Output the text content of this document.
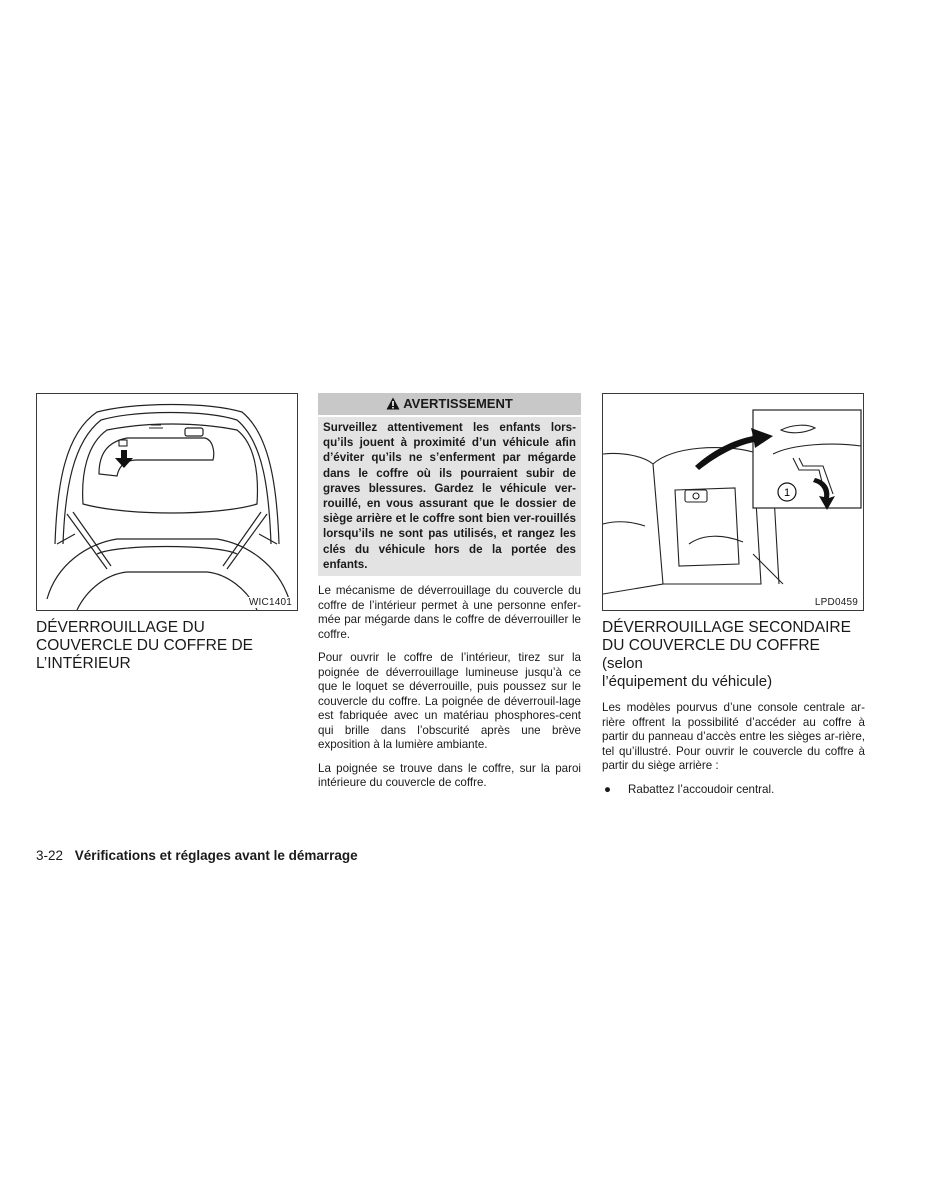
WIC1401
DÉVERROUILLAGE DU
COUVERCLE DU COFFRE DE
L’INTÉRIEUR
AVERTISSEMENT
Surveillez attentivement les enfants lors-qu’ils jouent à proximité d’un véhicule afin d’éviter qu’ils ne s’enferment par mégarde dans le coffre où ils pourraient subir de graves blessures. Gardez le véhicule ver-rouillé, en vous assurant que le dossier de siège arrière et le coffre sont bien ver-rouillés lorsqu’ils ne sont pas utilisés, et rangez les clés du véhicule hors de la portée des enfants.

Le mécanisme de déverrouillage du couvercle du coffre de l’intérieur permet à une personne enfer-mée par mégarde dans le coffre de déverrouiller le coffre.

Pour ouvrir le coffre de l’intérieur, tirez sur la poignée de déverrouillage lumineuse jusqu’à ce que le loquet se déverrouille, puis poussez sur le couvercle du coffre. La poignée de déverrouil-lage est fabriquée avec un matériau phosphores-cent qui brille dans l’obscurité après une brève exposition à la lumière ambiante.

La poignée se trouve dans le coffre, sur la paroi intérieure du couvercle de coffre.

1
LPD0459
DÉVERROUILLAGE SECONDAIRE
DU COUVERCLE DU COFFRE (selon
l’équipement du véhicule)

Les modèles pourvus d’une console centrale ar-rière offrent la possibilité d’accéder au coffre à partir du panneau d’accès entre les sièges ar-rière, tel qu’illustré. Pour ouvrir le couvercle du coffre à partir du siège arrière :

●	Rabattez l’accoudoir central.
3-22 Vérifications et réglages avant le démarrage
